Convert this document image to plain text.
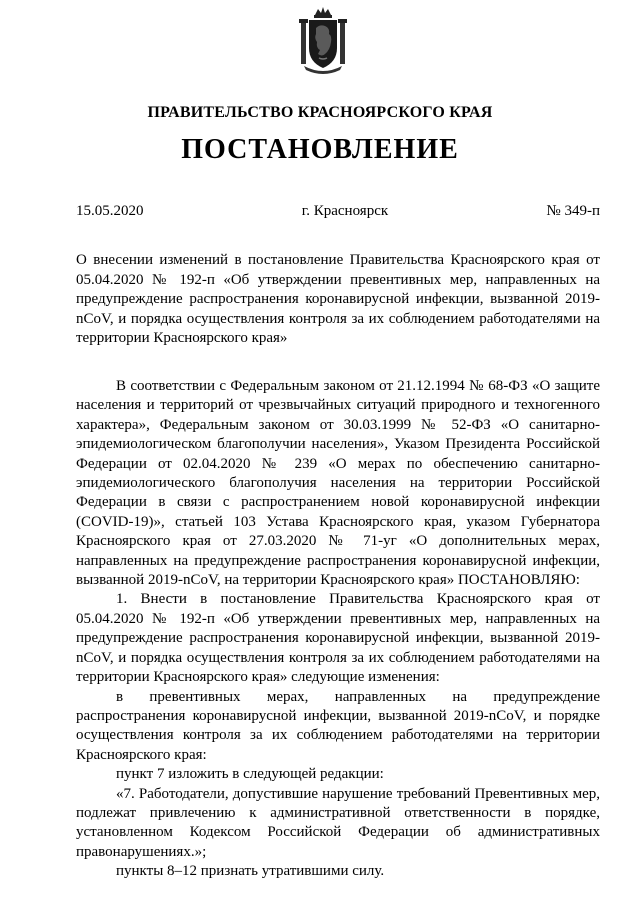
ПРАВИТЕЛЬСТВО КРАСНОЯРСКОГО КРАЯ
ПОСТАНОВЛЕНИЕ
15.05.2020	г. Красноярск	№ 349-п
О внесении изменений в постановление Правительства Красноярского края от 05.04.2020 № 192-п «Об утверждении превентивных мер, направленных на предупреждение распространения коронавирусной инфекции, вызванной 2019-nCoV, и порядка осуществления контроля за их соблюдением работодателями на территории Красноярского края»

В соответствии с Федеральным законом от 21.12.1994 № 68-ФЗ «О защите населения и территорий от чрезвычайных ситуаций природного и техногенного характера», Федеральным законом от 30.03.1999 № 52-ФЗ «О санитарно-эпидемиологическом благополучии населения», Указом Президента Российской Федерации от 02.04.2020 № 239 «О мерах по обеспечению санитарно-эпидемиологического благополучия населения на территории Российской Федерации в связи с распространением новой коронавирусной инфекции (COVID-19)», статьей 103 Устава Красноярского края, указом Губернатора Красноярского края от 27.03.2020 № 71-уг «О дополнительных мерах, направленных на предупреждение распространения коронавирусной инфекции, вызванной 2019-nCoV, на территории Красноярского края» ПОСТАНОВЛЯЮ:

1. Внести в постановление Правительства Красноярского края от 05.04.2020 № 192-п «Об утверждении превентивных мер, направленных на предупреждение распространения коронавирусной инфекции, вызванной 2019-nCoV, и порядка осуществления контроля за их соблюдением работодателями на территории Красноярского края» следующие изменения:

в превентивных мерах, направленных на предупреждение распространения коронавирусной инфекции, вызванной 2019-nCoV, и порядке осуществления контроля за их соблюдением работодателями на территории Красноярского края:

пункт 7 изложить в следующей редакции:

«7. Работодатели, допустившие нарушение требований Превентивных мер, подлежат привлечению к административной ответственности в порядке, установленном Кодексом Российской Федерации об административных правонарушениях.»;

пункты 8–12 признать утратившими силу.
